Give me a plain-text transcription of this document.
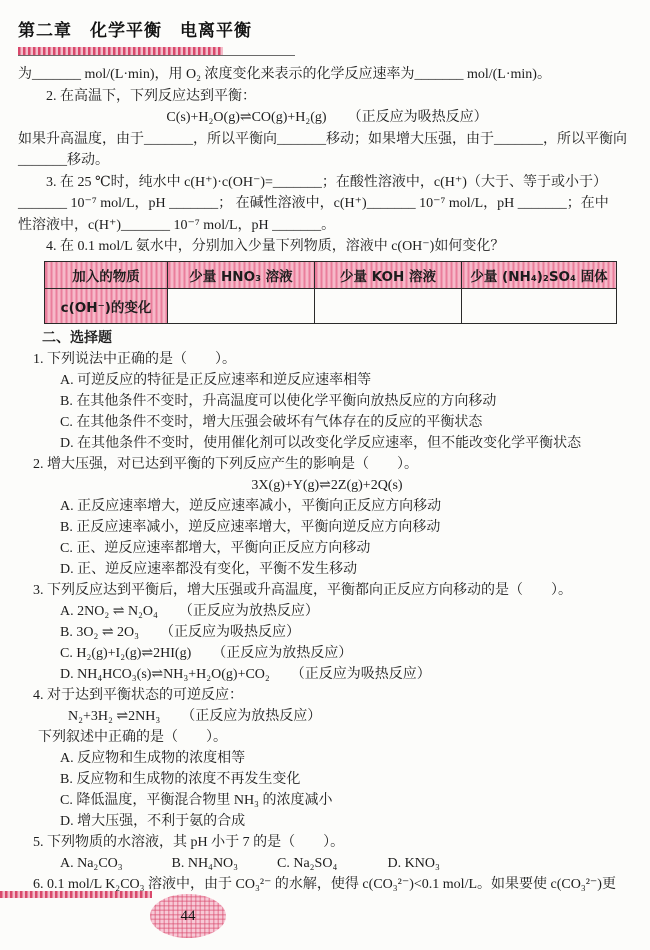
第二章　化学平衡　电离平衡

为_______ mol/(L·min)，用 O₂ 浓度变化来表示的化学反应速率为_______ mol/(L·min)。

2. 在高温下，下列反应达到平衡：

C(s)+H₂O(g)⇌CO(g)+H₂(g)　　（正反应为吸热反应）

如果升高温度，由于_______，所以平衡向_______移动；如果增大压强，由于_______，所以平衡向

_______移动。

3. 在 25 ℃时，纯水中 c(H⁺)·c(OH⁻)=_______；在酸性溶液中，c(H⁺)（大于、等于或小于）

_______ 10⁻⁷ mol/L，pH _______； 在碱性溶液中，c(H⁺)_______ 10⁻⁷ mol/L，pH _______；在中

性溶液中，c(H⁺)_______ 10⁻⁷ mol/L，pH _______。

4. 在 0.1 mol/L 氨水中，分别加入少量下列物质，溶液中 c(OH⁻)如何变化？

加入的物质	少量 HNO₃ 溶液	少量 KOH 溶液	少量 (NH₄)₂SO₄ 固体
c(OH⁻)的变化			

二、选择题

1. 下列说法中正确的是（　　）。

A. 可逆反应的特征是正反应速率和逆反应速率相等

B. 在其他条件不变时，升高温度可以使化学平衡向放热反应的方向移动

C. 在其他条件不变时，增大压强会破坏有气体存在的反应的平衡状态

D. 在其他条件不变时，使用催化剂可以改变化学反应速率，但不能改变化学平衡状态

2. 增大压强，对已达到平衡的下列反应产生的影响是（　　）。

3X(g)+Y(g)⇌2Z(g)+2Q(s)

A. 正反应速率增大，逆反应速率减小，平衡向正反应方向移动

B. 正反应速率减小，逆反应速率增大，平衡向逆反应方向移动

C. 正、逆反应速率都增大，平衡向正反应方向移动

D. 正、逆反应速率都没有变化，平衡不发生移动

3. 下列反应达到平衡后，增大压强或升高温度，平衡都向正反应方向移动的是（　　）。

A. 2NO₂ ⇌ N₂O₄　　（正反应为放热反应）

B. 3O₂ ⇌ 2O₃　　（正反应为吸热反应）

C. H₂(g)+I₂(g)⇌2HI(g)　　（正反应为放热反应）

D. NH₄HCO₃(s)⇌NH₃+H₂O(g)+CO₂　　（正反应为吸热反应）

4. 对于达到平衡状态的可逆反应：

N₂+3H₂ ⇌2NH₃　　（正反应为放热反应）

下列叙述中正确的是（　　）。

A. 反应物和生成物的浓度相等

B. 反应物和生成物的浓度不再发生变化

C. 降低温度，平衡混合物里 NH₃ 的浓度减小

D. 增大压强，不利于氨的合成

5. 下列物质的水溶液，其 pH 小于 7 的是（　　）。

A. Na₂CO₃	B. NH₄NO₃	C. Na₂SO₄	D. KNO₃

6. 0.1 mol/L K₂CO₃ 溶液中，由于 CO₃²⁻ 的水解，使得 c(CO₃²⁻)<0.1 mol/L。如果要使 c(CO₃²⁻)更

44
